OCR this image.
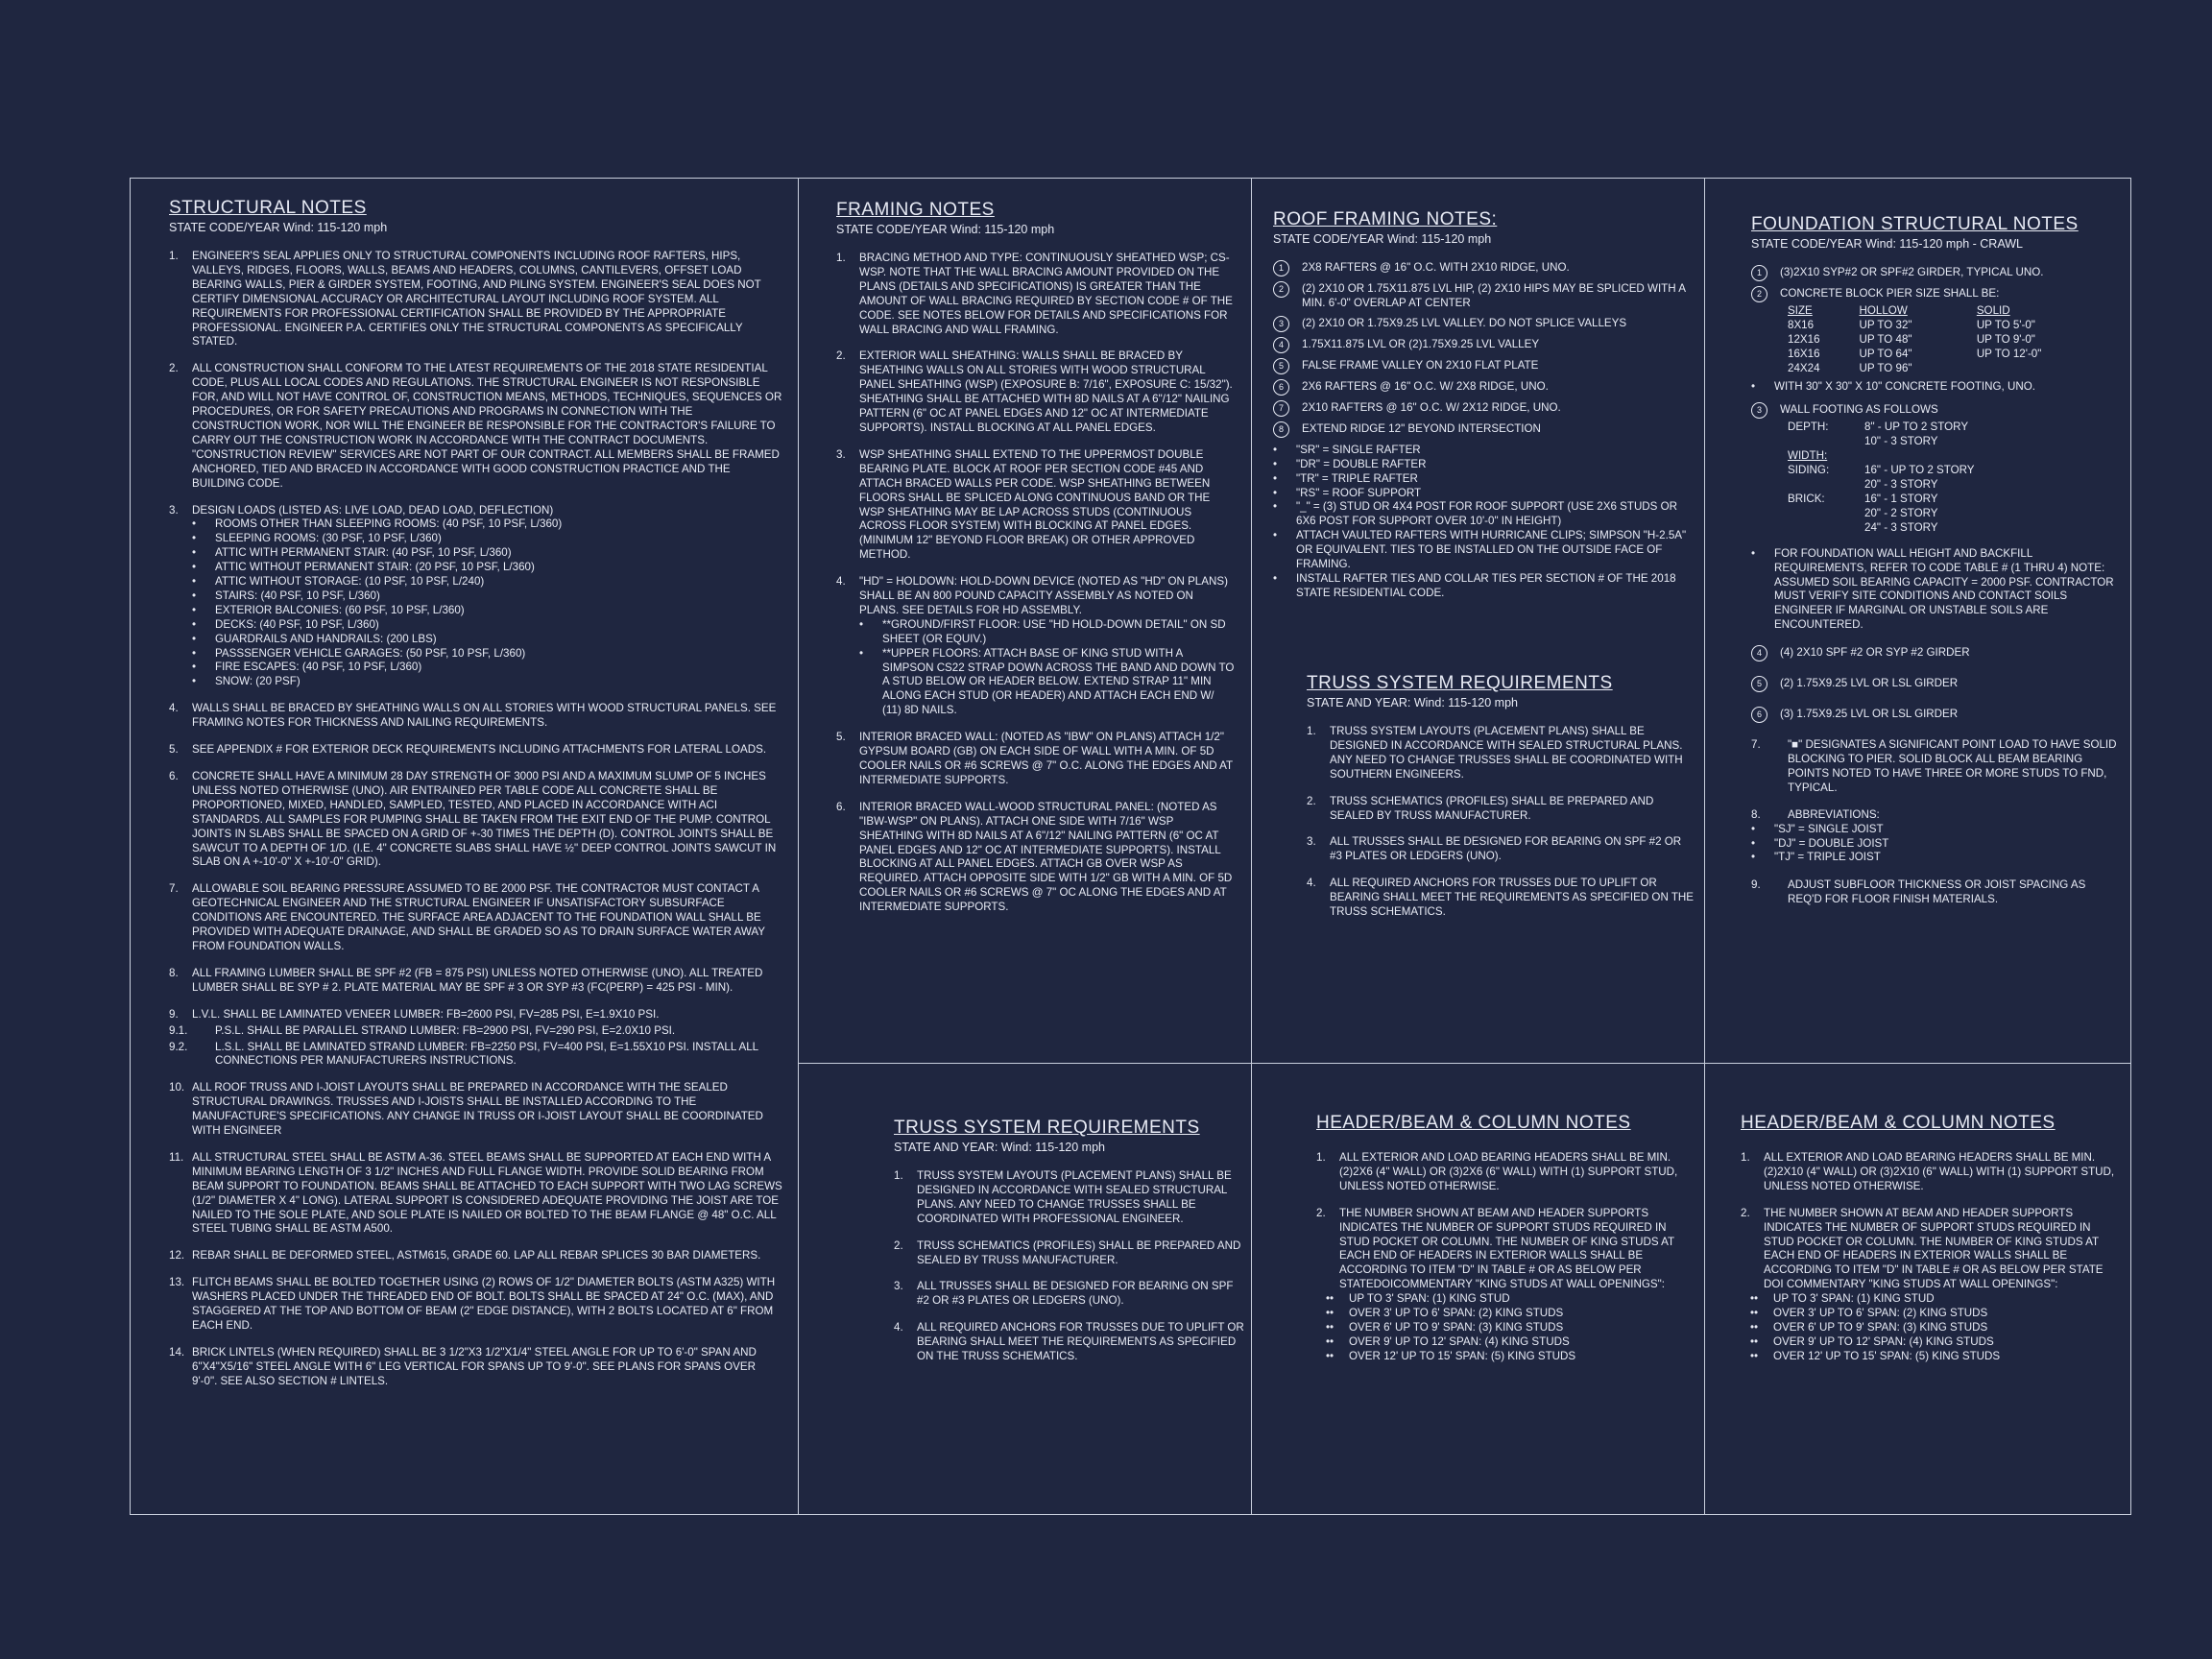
STRUCTURAL NOTES
STATE CODE/YEAR Wind: 115-120 mph
1.	ENGINEER'S SEAL APPLIES ONLY TO STRUCTURAL COMPONENTS INCLUDING ROOF RAFTERS, HIPS, VALLEYS, RIDGES, FLOORS, WALLS, BEAMS AND HEADERS, COLUMNS, CANTILEVERS, OFFSET LOAD BEARING WALLS, PIER & GIRDER SYSTEM, FOOTING, AND PILING SYSTEM. ENGINEER'S SEAL DOES NOT CERTIFY DIMENSIONAL ACCURACY OR ARCHITECTURAL LAYOUT INCLUDING ROOF SYSTEM. ALL REQUIREMENTS FOR PROFESSIONAL CERTIFICATION SHALL BE PROVIDED BY THE APPROPRIATE PROFESSIONAL. ENGINEER P.A. CERTIFIES ONLY THE STRUCTURAL COMPONENTS AS SPECIFICALLY STATED.
2.	ALL CONSTRUCTION SHALL CONFORM TO THE LATEST REQUIREMENTS OF THE 2018 STATE RESIDENTIAL CODE, PLUS ALL LOCAL CODES AND REGULATIONS. THE STRUCTURAL ENGINEER IS NOT RESPONSIBLE FOR, AND WILL NOT HAVE CONTROL OF, CONSTRUCTION MEANS, METHODS, TECHNIQUES, SEQUENCES OR PROCEDURES, OR FOR SAFETY PRECAUTIONS AND PROGRAMS IN CONNECTION WITH THE CONSTRUCTION WORK, NOR WILL THE ENGINEER BE RESPONSIBLE FOR THE CONTRACTOR'S FAILURE TO CARRY OUT THE CONSTRUCTION WORK IN ACCORDANCE WITH THE CONTRACT DOCUMENTS. "CONSTRUCTION REVIEW" SERVICES ARE NOT PART OF OUR CONTRACT. ALL MEMBERS SHALL BE FRAMED ANCHORED, TIED AND BRACED IN ACCORDANCE WITH GOOD CONSTRUCTION PRACTICE AND THE BUILDING CODE.
3.	DESIGN LOADS (LISTED AS: LIVE LOAD, DEAD LOAD, DEFLECTION)
•	ROOMS OTHER THAN SLEEPING ROOMS: (40 PSF, 10 PSF, L/360)
•	SLEEPING ROOMS: (30 PSF, 10 PSF, L/360)
•	ATTIC WITH PERMANENT STAIR: (40 PSF, 10 PSF, L/360)
•	ATTIC WITHOUT PERMANENT STAIR: (20 PSF, 10 PSF, L/360)
•	ATTIC WITHOUT STORAGE: (10 PSF, 10 PSF, L/240)
•	STAIRS: (40 PSF, 10 PSF, L/360)
•	EXTERIOR BALCONIES: (60 PSF, 10 PSF, L/360)
•	DECKS: (40 PSF, 10 PSF, L/360)
•	GUARDRAILS AND HANDRAILS: (200 LBS)
•	PASSSENGER VEHICLE GARAGES: (50 PSF, 10 PSF, L/360)
•	FIRE ESCAPES: (40 PSF, 10 PSF, L/360)
•	SNOW: (20 PSF)
4.	WALLS SHALL BE BRACED BY SHEATHING WALLS ON ALL STORIES WITH WOOD STRUCTURAL PANELS. SEE FRAMING NOTES FOR THICKNESS AND NAILING REQUIREMENTS.
5.	SEE APPENDIX # FOR EXTERIOR DECK REQUIREMENTS INCLUDING ATTACHMENTS FOR LATERAL LOADS.
6.	CONCRETE SHALL HAVE A MINIMUM 28 DAY STRENGTH OF 3000 PSI AND A MAXIMUM SLUMP OF 5 INCHES UNLESS NOTED OTHERWISE (UNO). AIR ENTRAINED PER TABLE CODE ALL CONCRETE SHALL BE PROPORTIONED, MIXED, HANDLED, SAMPLED, TESTED, AND PLACED IN ACCORDANCE WITH ACI STANDARDS. ALL SAMPLES FOR PUMPING SHALL BE TAKEN FROM THE EXIT END OF THE PUMP. CONTROL JOINTS IN SLABS SHALL BE SPACED ON A GRID OF +-30 TIMES THE DEPTH (D). CONTROL JOINTS SHALL BE SAWCUT TO A DEPTH OF 1/D. (I.E. 4" CONCRETE SLABS SHALL HAVE ½" DEEP CONTROL JOINTS SAWCUT IN SLAB ON A +-10'-0" X +-10'-0" GRID).
7.	ALLOWABLE SOIL BEARING PRESSURE ASSUMED TO BE 2000 PSF. THE CONTRACTOR MUST CONTACT A GEOTECHNICAL ENGINEER AND THE STRUCTURAL ENGINEER IF UNSATISFACTORY SUBSURFACE CONDITIONS ARE ENCOUNTERED. THE SURFACE AREA ADJACENT TO THE FOUNDATION WALL SHALL BE PROVIDED WITH ADEQUATE DRAINAGE, AND SHALL BE GRADED SO AS TO DRAIN SURFACE WATER AWAY FROM FOUNDATION WALLS.
8.	ALL FRAMING LUMBER SHALL BE SPF #2 (FB = 875 PSI) UNLESS NOTED OTHERWISE (UNO). ALL TREATED LUMBER SHALL BE SYP # 2. PLATE MATERIAL MAY BE SPF # 3 OR SYP #3 (FC(PERP) = 425 PSI - MIN).
9.	L.V.L. SHALL BE LAMINATED VENEER LUMBER: FB=2600 PSI, FV=285 PSI, E=1.9X10 PSI.
9.1.	P.S.L. SHALL BE PARALLEL STRAND LUMBER: FB=2900 PSI, FV=290 PSI, E=2.0X10 PSI.
9.2.	L.S.L. SHALL BE LAMINATED STRAND LUMBER: FB=2250 PSI, FV=400 PSI, E=1.55X10 PSI. INSTALL ALL CONNECTIONS PER MANUFACTURERS INSTRUCTIONS.
10. ALL ROOF TRUSS AND I-JOIST LAYOUTS SHALL BE PREPARED IN ACCORDANCE WITH THE SEALED STRUCTURAL DRAWINGS. TRUSSES AND I-JOISTS SHALL BE INSTALLED ACCORDING TO THE MANUFACTURE'S SPECIFICATIONS. ANY CHANGE IN TRUSS OR I-JOIST LAYOUT SHALL BE COORDINATED WITH ENGINEER
11. ALL STRUCTURAL STEEL SHALL BE ASTM A-36. STEEL BEAMS SHALL BE SUPPORTED AT EACH END WITH A MINIMUM BEARING LENGTH OF 3 1/2" INCHES AND FULL FLANGE WIDTH. PROVIDE SOLID BEARING FROM BEAM SUPPORT TO FOUNDATION. BEAMS SHALL BE ATTACHED TO EACH SUPPORT WITH TWO LAG SCREWS (1/2" DIAMETER X 4" LONG). LATERAL SUPPORT IS CONSIDERED ADEQUATE PROVIDING THE JOIST ARE TOE NAILED TO THE SOLE PLATE, AND SOLE PLATE IS NAILED OR BOLTED TO THE BEAM FLANGE @ 48" O.C. ALL STEEL TUBING SHALL BE ASTM A500.
12. REBAR SHALL BE DEFORMED STEEL, ASTM615, GRADE 60. LAP ALL REBAR SPLICES 30 BAR DIAMETERS.
13. FLITCH BEAMS SHALL BE BOLTED TOGETHER USING (2) ROWS OF 1/2" DIAMETER BOLTS (ASTM A325) WITH WASHERS PLACED UNDER THE THREADED END OF BOLT. BOLTS SHALL BE SPACED AT 24" O.C. (MAX), AND STAGGERED AT THE TOP AND BOTTOM OF BEAM (2" EDGE DISTANCE), WITH 2 BOLTS LOCATED AT 6" FROM EACH END.
14. BRICK LINTELS (WHEN REQUIRED) SHALL BE 3 1/2"X3 1/2"X1/4" STEEL ANGLE FOR UP TO 6'-0" SPAN AND 6"X4"X5/16" STEEL ANGLE WITH 6" LEG VERTICAL FOR SPANS UP TO 9'-0". SEE PLANS FOR SPANS OVER 9'-0". SEE ALSO SECTION # LINTELS.
FRAMING NOTES
STATE CODE/YEAR Wind: 115-120 mph
1.	BRACING METHOD AND TYPE: CONTINUOUSLY SHEATHED WSP; CS-WSP. NOTE THAT THE WALL BRACING AMOUNT PROVIDED ON THE PLANS (DETAILS AND SPECIFICATIONS) IS GREATER THAN THE AMOUNT OF WALL BRACING REQUIRED BY SECTION CODE # OF THE CODE. SEE NOTES BELOW FOR DETAILS AND SPECIFICATIONS FOR WALL BRACING AND WALL FRAMING.
2.	EXTERIOR WALL SHEATHING: WALLS SHALL BE BRACED BY SHEATHING WALLS ON ALL STORIES WITH WOOD STRUCTURAL PANEL SHEATHING (WSP) (EXPOSURE B: 7/16", EXPOSURE C: 15/32"). SHEATHING SHALL BE ATTACHED WITH 8D NAILS AT A 6"/12" NAILING PATTERN (6" OC AT PANEL EDGES AND 12" OC AT INTERMEDIATE SUPPORTS). INSTALL BLOCKING AT ALL PANEL EDGES.
3.	WSP SHEATHING SHALL EXTEND TO THE UPPERMOST DOUBLE BEARING PLATE. BLOCK AT ROOF PER SECTION CODE #45 AND ATTACH BRACED WALLS PER CODE. WSP SHEATHING BETWEEN FLOORS SHALL BE SPLICED ALONG CONTINUOUS BAND OR THE WSP SHEATHING MAY BE LAP ACROSS STUDS (CONTINUOUS ACROSS FLOOR SYSTEM) WITH BLOCKING AT PANEL EDGES. (MINIMUM 12" BEYOND FLOOR BREAK) OR OTHER APPROVED METHOD.
4.	"HD" = HOLDOWN: HOLD-DOWN DEVICE (NOTED AS "HD" ON PLANS) SHALL BE AN 800 POUND CAPACITY ASSEMBLY AS NOTED ON PLANS. SEE DETAILS FOR HD ASSEMBLY.
•	**GROUND/FIRST FLOOR: USE "HD HOLD-DOWN DETAIL" ON SD SHEET (OR EQUIV.)
•	**UPPER FLOORS: ATTACH BASE OF KING STUD WITH A SIMPSON CS22 STRAP DOWN ACROSS THE BAND AND DOWN TO A STUD BELOW OR HEADER BELOW. EXTEND STRAP 11" MIN ALONG EACH STUD (OR HEADER) AND ATTACH EACH END W/ (11) 8D NAILS.
5.	INTERIOR BRACED WALL: (NOTED AS "IBW" ON PLANS) ATTACH 1/2" GYPSUM BOARD (GB) ON EACH SIDE OF WALL WITH A MIN. OF 5D COOLER NAILS OR #6 SCREWS @ 7" O.C. ALONG THE EDGES AND AT INTERMEDIATE SUPPORTS.
6.	INTERIOR BRACED WALL-WOOD STRUCTURAL PANEL: (NOTED AS "IBW-WSP" ON PLANS). ATTACH ONE SIDE WITH 7/16" WSP SHEATHING WITH 8D NAILS AT A 6"/12" NAILING PATTERN (6" OC AT PANEL EDGES AND 12" OC AT INTERMEDIATE SUPPORTS). INSTALL BLOCKING AT ALL PANEL EDGES. ATTACH GB OVER WSP AS REQUIRED. ATTACH OPPOSITE SIDE WITH 1/2" GB WITH A MIN. OF 5D COOLER NAILS OR #6 SCREWS @ 7" OC ALONG THE EDGES AND AT INTERMEDIATE SUPPORTS.
ROOF FRAMING NOTES:
STATE CODE/YEAR Wind: 115-120 mph
1	2X8 RAFTERS @ 16" O.C. WITH 2X10 RIDGE, UNO.
2	(2) 2X10 OR 1.75X11.875 LVL HIP, (2) 2X10 HIPS MAY BE SPLICED WITH A MIN. 6'-0" OVERLAP AT CENTER
3	(2) 2X10 OR 1.75X9.25 LVL VALLEY. DO NOT SPLICE VALLEYS
4	1.75X11.875 LVL OR (2)1.75X9.25 LVL VALLEY
5	FALSE FRAME VALLEY ON 2X10 FLAT PLATE
6	2X6 RAFTERS @ 16" O.C. W/ 2X8 RIDGE, UNO.
7	2X10 RAFTERS @ 16" O.C. W/ 2X12 RIDGE, UNO.
8	EXTEND RIDGE 12" BEYOND INTERSECTION
•	"SR" = SINGLE RAFTER
•	"DR" = DOUBLE RAFTER
•	"TR" = TRIPLE RAFTER
•	"RS" = ROOF SUPPORT
•	"_" = (3) STUD OR 4X4 POST FOR ROOF SUPPORT (USE 2X6 STUDS OR 6X6 POST FOR SUPPORT OVER 10'-0" IN HEIGHT)
•	ATTACH VAULTED RAFTERS WITH HURRICANE CLIPS; SIMPSON "H-2.5A" OR EQUIVALENT. TIES TO BE INSTALLED ON THE OUTSIDE FACE OF FRAMING.
•	INSTALL RAFTER TIES AND COLLAR TIES PER SECTION # OF THE 2018 STATE RESIDENTIAL CODE.
TRUSS SYSTEM REQUIREMENTS
STATE AND YEAR: Wind: 115-120 mph
1.	TRUSS SYSTEM LAYOUTS (PLACEMENT PLANS) SHALL BE DESIGNED IN ACCORDANCE WITH SEALED STRUCTURAL PLANS. ANY NEED TO CHANGE TRUSSES SHALL BE COORDINATED WITH SOUTHERN ENGINEERS.
2.	TRUSS SCHEMATICS (PROFILES) SHALL BE PREPARED AND SEALED BY TRUSS MANUFACTURER.
3.	ALL TRUSSES SHALL BE DESIGNED FOR BEARING ON SPF #2 OR #3 PLATES OR LEDGERS (UNO).
4.	ALL REQUIRED ANCHORS FOR TRUSSES DUE TO UPLIFT OR BEARING SHALL MEET THE REQUIREMENTS AS SPECIFIED ON THE TRUSS SCHEMATICS.
FOUNDATION STRUCTURAL NOTES
STATE CODE/YEAR Wind: 115-120 mph - CRAWL
1	(3)2X10 SYP#2 OR SPF#2 GIRDER, TYPICAL UNO.
2	CONCRETE BLOCK PIER SIZE SHALL BE:
SIZE	HOLLOW	SOLID
8X16	UP TO 32"	UP TO 5'-0"
12X16	UP TO 48"	UP TO 9'-0"
16X16	UP TO 64"	UP TO 12'-0"
24X24	UP TO 96"	
•	WITH 30" X 30" X 10" CONCRETE FOOTING, UNO.
3	WALL FOOTING AS FOLLOWS
DEPTH:	8" - UP TO 2 STORY
	10" - 3 STORY
WIDTH:	
SIDING:	16" - UP TO 2 STORY
	20" - 3 STORY
BRICK:	16" - 1 STORY
	20" - 2 STORY
	24" - 3 STORY
•	FOR FOUNDATION WALL HEIGHT AND BACKFILL REQUIREMENTS, REFER TO CODE TABLE # (1 THRU 4) NOTE: ASSUMED SOIL BEARING CAPACITY = 2000 PSF. CONTRACTOR MUST VERIFY SITE CONDITIONS AND CONTACT SOILS ENGINEER IF MARGINAL OR UNSTABLE SOILS ARE ENCOUNTERED.
4	(4) 2X10 SPF #2 OR SYP #2 GIRDER
5	(2) 1.75X9.25 LVL OR LSL GIRDER
6	(3) 1.75X9.25 LVL OR LSL GIRDER
7.	"■" DESIGNATES A SIGNIFICANT POINT LOAD TO HAVE SOLID BLOCKING TO PIER. SOLID BLOCK ALL BEAM BEARING POINTS NOTED TO HAVE THREE OR MORE STUDS TO FND, TYPICAL.
8.	ABBREVIATIONS:
•	"SJ" = SINGLE JOIST
•	"DJ" = DOUBLE JOIST
•	"TJ" = TRIPLE JOIST
9.	ADJUST SUBFLOOR THICKNESS OR JOIST SPACING AS REQ'D FOR FLOOR FINISH MATERIALS.
TRUSS SYSTEM REQUIREMENTS
STATE AND YEAR: Wind: 115-120 mph
1.	TRUSS SYSTEM LAYOUTS (PLACEMENT PLANS) SHALL BE DESIGNED IN ACCORDANCE WITH SEALED STRUCTURAL PLANS. ANY NEED TO CHANGE TRUSSES SHALL BE COORDINATED WITH PROFESSIONAL ENGINEER.
2.	TRUSS SCHEMATICS (PROFILES) SHALL BE PREPARED AND SEALED BY TRUSS MANUFACTURER.
3.	ALL TRUSSES SHALL BE DESIGNED FOR BEARING ON SPF #2 OR #3 PLATES OR LEDGERS (UNO).
4.	ALL REQUIRED ANCHORS FOR TRUSSES DUE TO UPLIFT OR BEARING SHALL MEET THE REQUIREMENTS AS SPECIFIED ON THE TRUSS SCHEMATICS.
HEADER/BEAM & COLUMN NOTES
1.	ALL EXTERIOR AND LOAD BEARING HEADERS SHALL BE MIN. (2)2X6 (4" WALL) OR (3)2X6 (6" WALL) WITH (1) SUPPORT STUD, UNLESS NOTED OTHERWISE.
2.	THE NUMBER SHOWN AT BEAM AND HEADER SUPPORTS INDICATES THE NUMBER OF SUPPORT STUDS REQUIRED IN STUD POCKET OR COLUMN. THE NUMBER OF KING STUDS AT EACH END OF HEADERS IN EXTERIOR WALLS SHALL BE ACCORDING TO ITEM "D" IN TABLE # OR AS BELOW PER STATEDOICOMMENTARY "KING STUDS AT WALL OPENINGS":
••	UP TO 3' SPAN: (1) KING STUD
••	OVER 3' UP TO 6' SPAN: (2) KING STUDS
••	OVER 6' UP TO 9' SPAN: (3) KING STUDS
••	OVER 9' UP TO 12' SPAN: (4) KING STUDS
••	OVER 12' UP TO 15' SPAN: (5) KING STUDS
HEADER/BEAM & COLUMN NOTES
1.	ALL EXTERIOR AND LOAD BEARING HEADERS SHALL BE MIN. (2)2X10 (4" WALL) OR (3)2X10 (6" WALL) WITH (1) SUPPORT STUD, UNLESS NOTED OTHERWISE.
2.	THE NUMBER SHOWN AT BEAM AND HEADER SUPPORTS INDICATES THE NUMBER OF SUPPORT STUDS REQUIRED IN STUD POCKET OR COLUMN. THE NUMBER OF KING STUDS AT EACH END OF HEADERS IN EXTERIOR WALLS SHALL BE ACCORDING TO ITEM "D" IN TABLE # OR AS BELOW PER STATE DOI COMMENTARY "KING STUDS AT WALL OPENINGS":
••	UP TO 3' SPAN: (1) KING STUD
••	OVER 3' UP TO 6' SPAN: (2) KING STUDS
••	OVER 6' UP TO 9' SPAN: (3) KING STUDS
••	OVER 9' UP TO 12' SPAN: (4) KING STUDS
••	OVER 12' UP TO 15' SPAN: (5) KING STUDS
